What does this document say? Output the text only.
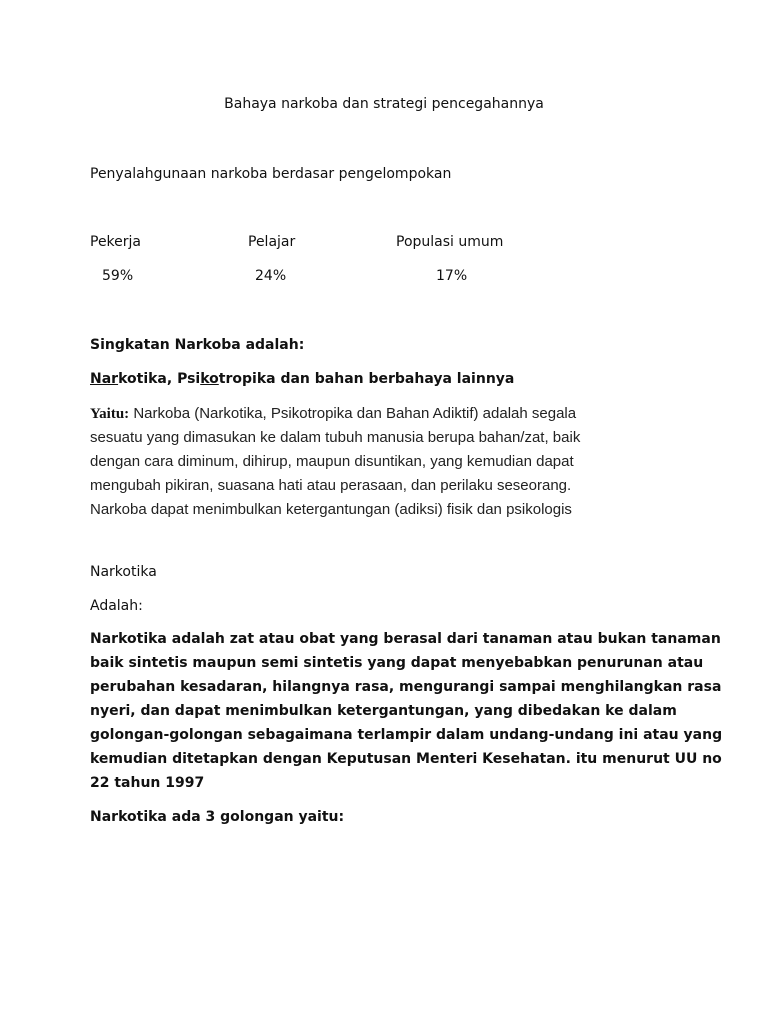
Bahaya narkoba dan strategi pencegahannya
Penyalahgunaan narkoba berdasar pengelompokan
Pekerja	Pelajar	Populasi umum
59%	24%	17%
Singkatan Narkoba adalah:
Narkotika, Psikotropika dan bahan berbahaya lainnya
Yaitu: Narkoba (Narkotika, Psikotropika dan Bahan Adiktif) adalah segala
sesuatu yang dimasukan ke dalam tubuh manusia berupa bahan/zat, baik
dengan cara diminum, dihirup, maupun disuntikan, yang kemudian dapat
mengubah pikiran, suasana hati atau perasaan, dan perilaku seseorang.
Narkoba dapat menimbulkan ketergantungan (adiksi) fisik dan psikologis
Narkotika
Adalah:
Narkotika adalah zat atau obat yang berasal dari tanaman atau bukan tanaman
baik sintetis maupun semi sintetis yang dapat menyebabkan penurunan atau
perubahan kesadaran, hilangnya rasa, mengurangi sampai menghilangkan rasa
nyeri, dan dapat menimbulkan ketergantungan, yang dibedakan ke dalam
golongan-golongan sebagaimana terlampir dalam undang-undang ini atau yang
kemudian ditetapkan dengan Keputusan Menteri Kesehatan. itu menurut UU no
22 tahun 1997
Narkotika ada 3 golongan yaitu:
